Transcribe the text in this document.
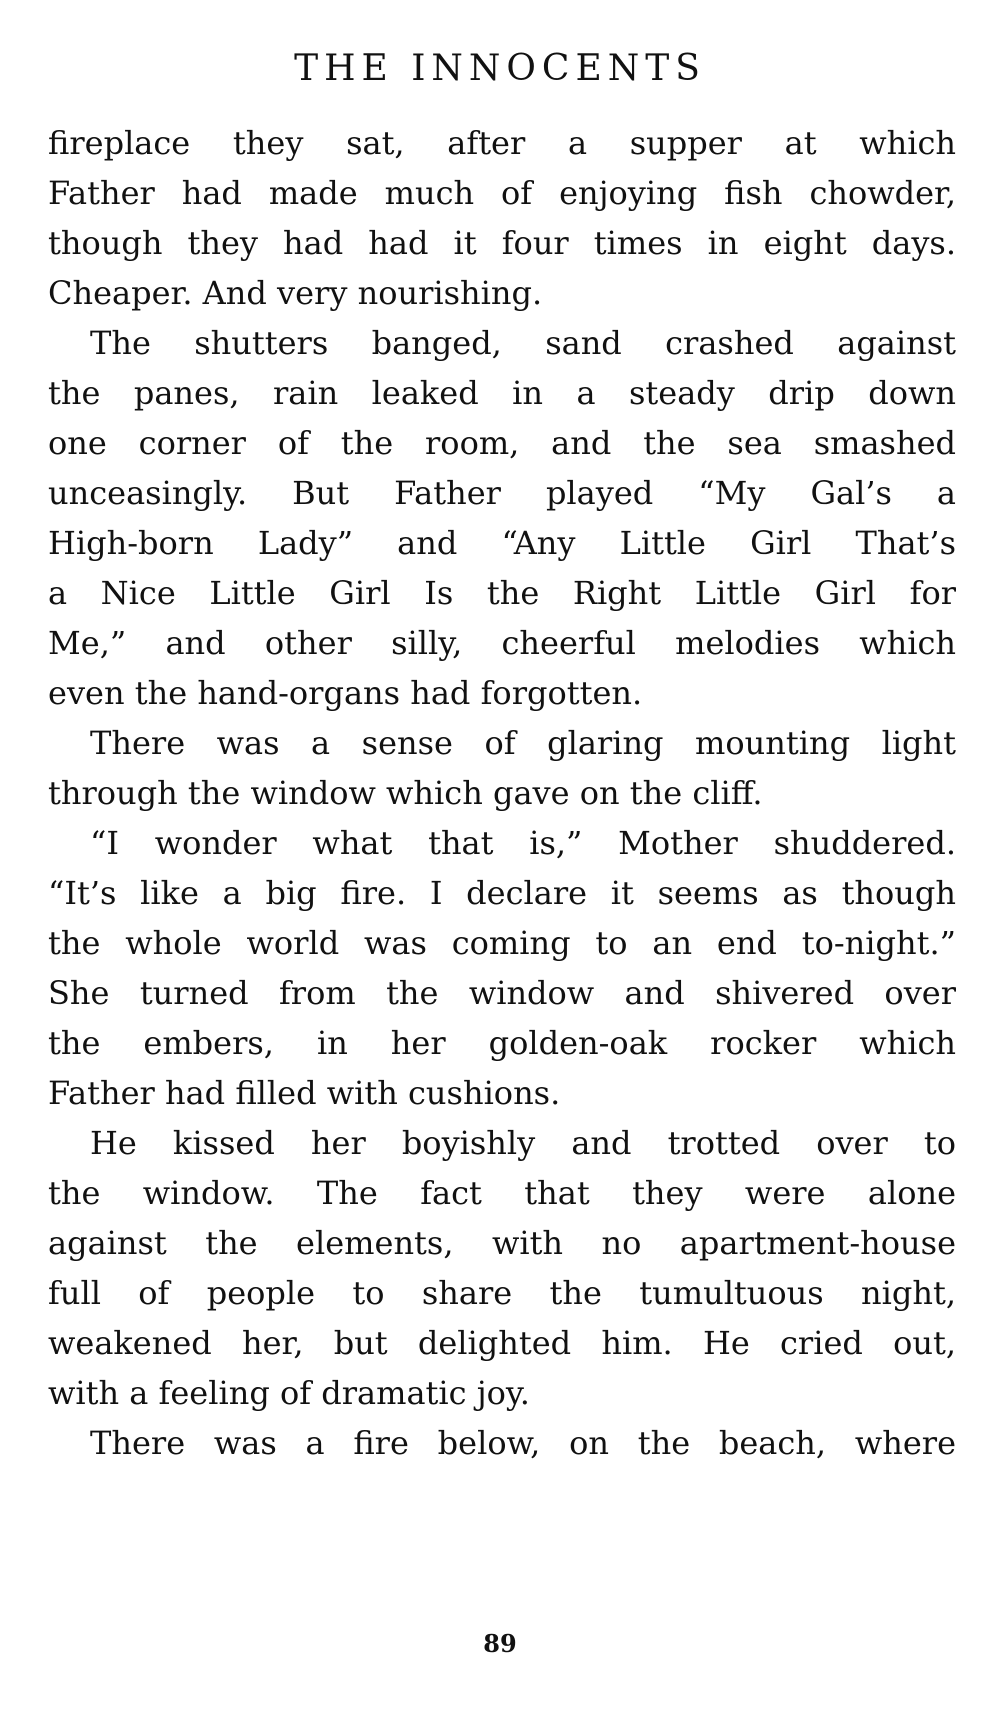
THE INNOCENTS
fireplace they sat, after a supper at which
Father had made much of enjoying fish chowder,
though they had had it four times in eight days.
Cheaper. And very nourishing.
The shutters banged, sand crashed against
the panes, rain leaked in a steady drip down
one corner of the room, and the sea smashed
unceasingly. But Father played “My Gal’s a
High-born Lady” and “Any Little Girl That’s
a Nice Little Girl Is the Right Little Girl for
Me,” and other silly, cheerful melodies which
even the hand-organs had forgotten.
There was a sense of glaring mounting light
through the window which gave on the cliff.
“I wonder what that is,” Mother shuddered.
“It’s like a big fire. I declare it seems as though
the whole world was coming to an end to-night.”
She turned from the window and shivered over
the embers, in her golden-oak rocker which
Father had filled with cushions.
He kissed her boyishly and trotted over to
the window. The fact that they were alone
against the elements, with no apartment-house
full of people to share the tumultuous night,
weakened her, but delighted him. He cried out,
with a feeling of dramatic joy.
There was a fire below, on the beach, where
89
